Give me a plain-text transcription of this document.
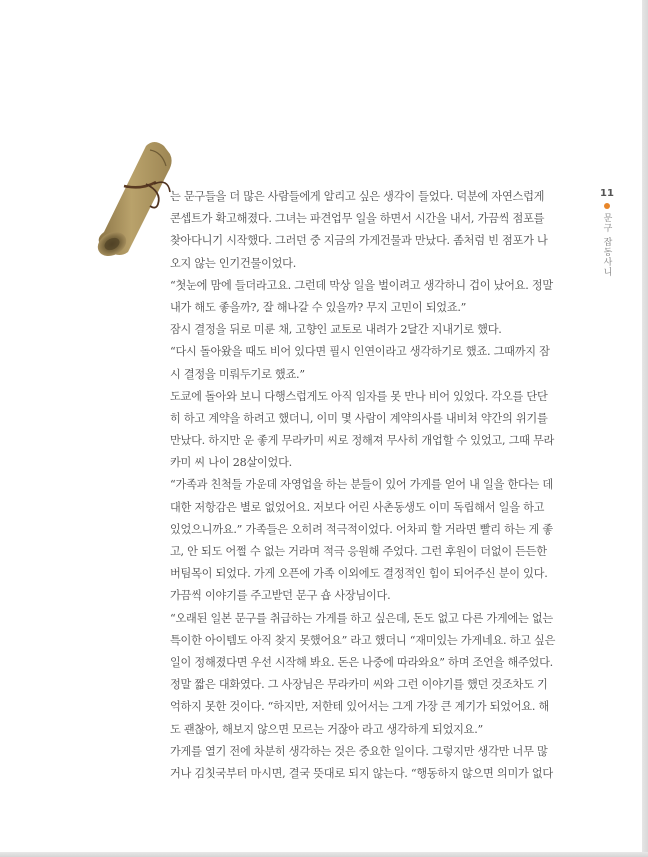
11
문구 잡동사니
는 문구들을 더 많은 사람들에게 알리고 싶은 생각이 들었다. 덕분에 자연스럽게
콘셉트가 확고해졌다. 그녀는 파견업무 일을 하면서 시간을 내서, 가끔씩 점포를
찾아다니기 시작했다. 그러던 중 지금의 가게건물과 만났다. 좀처럼 빈 점포가 나
오지 않는 인기건물이었다.
“첫눈에 맘에 들더라고요. 그런데 막상 일을 벌이려고 생각하니 겁이 났어요. 정말
내가 해도 좋을까?, 잘 해나갈 수 있을까? 무지 고민이 되었죠.”
잠시 결정을 뒤로 미룬 채, 고향인 교토로 내려가 2달간 지내기로 했다.
“다시 돌아왔을 때도 비어 있다면 필시 인연이라고 생각하기로 했죠. 그때까지 잠
시 결정을 미뤄두기로 했죠.”
도쿄에 돌아와 보니 다행스럽게도 아직 임자를 못 만나 비어 있었다. 각오를 단단
히 하고 계약을 하려고 했더니, 이미 몇 사람이 계약의사를 내비쳐 약간의 위기를
만났다. 하지만 운 좋게 무라카미 씨로 정해져 무사히 개업할 수 있었고, 그때 무라
카미 씨 나이 28살이었다.
“가족과 친척들 가운데 자영업을 하는 분들이 있어 가게를 얻어 내 일을 한다는 데
대한 저항감은 별로 없었어요. 저보다 어린 사촌동생도 이미 독립해서 일을 하고
있었으니까요.” 가족들은 오히려 적극적이었다. 어차피 할 거라면 빨리 하는 게 좋
고, 안 되도 어쩔 수 없는 거라며 적극 응원해 주었다. 그런 후원이 더없이 든든한
버팀목이 되었다. 가게 오픈에 가족 이외에도 결정적인 힘이 되어주신 분이 있다.
가끔씩 이야기를 주고받던 문구 숍 사장님이다.
“오래된 일본 문구를 취급하는 가게를 하고 싶은데, 돈도 없고 다른 가게에는 없는
특이한 아이템도 아직 찾지 못했어요” 라고 했더니 “재미있는 가게네요. 하고 싶은
일이 정해졌다면 우선 시작해 봐요. 돈은 나중에 따라와요” 하며 조언을 해주었다.
정말 짧은 대화였다. 그 사장님은 무라카미 씨와 그런 이야기를 했던 것조차도 기
억하지 못한 것이다. “하지만, 저한테 있어서는 그게 가장 큰 계기가 되었어요. 해
도 괜찮아, 해보지 않으면 모르는 거잖아 라고 생각하게 되었지요.”
가게를 열기 전에 차분히 생각하는 것은 중요한 일이다. 그렇지만 생각만 너무 많
거나 김칫국부터 마시면, 결국 뜻대로 되지 않는다. “행동하지 않으면 의미가 없다
